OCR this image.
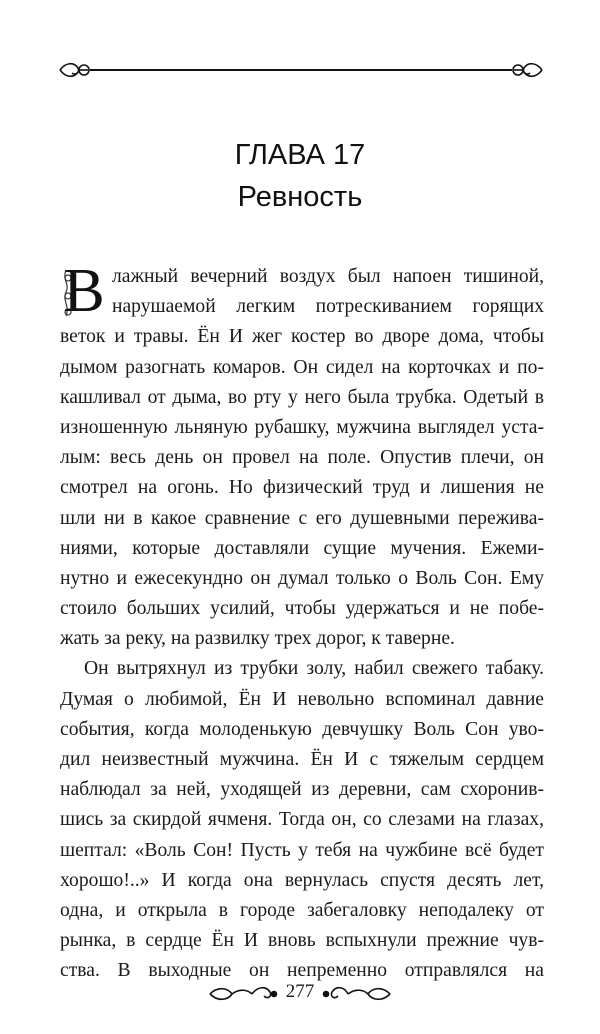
ГЛАВА 17
Ревность
В лажный вечерний воздух был напоен тишиной,
нарушаемой легким потрескиванием горящих
веток и травы. Ён И жег костер во дворе дома, чтобы
дымом разогнать комаров. Он сидел на корточках и по-
кашливал от дыма, во рту у него была трубка. Одетый в
изношенную льняную рубашку, мужчина выглядел уста-
лым: весь день он провел на поле. Опустив плечи, он
смотрел на огонь. Но физический труд и лишения не
шли ни в какое сравнение с его душевными пережива-
ниями, которые доставляли сущие мучения. Ежеми-
нутно и ежесекундно он думал только о Воль Сон. Ему
стоило больших усилий, чтобы удержаться и не побе-
жать за реку, на развилку трех дорог, к таверне.
Он вытряхнул из трубки золу, набил свежего табаку.
Думая о любимой, Ён И невольно вспоминал давние
события, когда молоденькую девчушку Воль Сон уво-
дил неизвестный мужчина. Ён И с тяжелым сердцем
наблюдал за ней, уходящей из деревни, сам схоронив-
шись за скирдой ячменя. Тогда он, со слезами на глазах,
шептал: «Воль Сон! Пусть у тебя на чужбине всё будет
хорошо!..» И когда она вернулась спустя десять лет,
одна, и открыла в городе забегаловку неподалеку от
рынка, в сердце Ён И вновь вспыхнули прежние чув-
ства. В выходные он непременно отправлялся на
277
